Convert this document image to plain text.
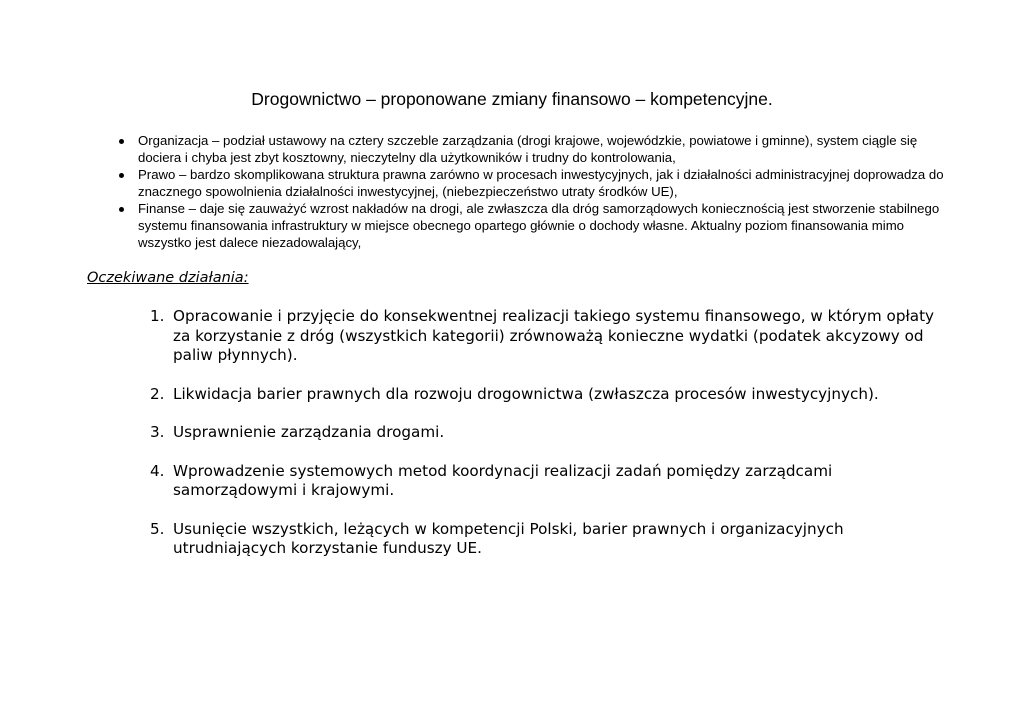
Drogownictwo – proponowane zmiany finansowo – kompetencyjne.
Organizacja – podział ustawowy na cztery szczeble zarządzania (drogi krajowe, wojewódzkie, powiatowe i gminne), system ciągle się dociera i chyba jest zbyt kosztowny, nieczytelny dla użytkowników i trudny do kontrolowania,
Prawo – bardzo skomplikowana struktura prawna zarówno w procesach inwestycyjnych, jak i działalności administracyjnej doprowadza do znacznego spowolnienia działalności inwestycyjnej, (niebezpieczeństwo utraty środków UE),
Finanse – daje się zauważyć wzrost nakładów na drogi, ale zwłaszcza dla dróg samorządowych koniecznością jest stworzenie stabilnego systemu finansowania infrastruktury w miejsce obecnego opartego głównie o dochody własne. Aktualny poziom finansowania mimo wszystko jest dalece niezadowalający,
Oczekiwane działania:
1. Opracowanie i przyjęcie do konsekwentnej realizacji takiego systemu finansowego, w którym opłaty za korzystanie z dróg (wszystkich kategorii) zrównoważą konieczne wydatki (podatek akcyzowy od paliw płynnych).
2. Likwidacja barier prawnych dla rozwoju drogownictwa (zwłaszcza procesów inwestycyjnych).
3. Usprawnienie zarządzania drogami.
4. Wprowadzenie systemowych metod koordynacji realizacji zadań pomiędzy zarządcami samorządowymi i krajowymi.
5. Usunięcie wszystkich, leżących w kompetencji Polski, barier prawnych i organizacyjnych utrudniających korzystanie funduszy UE.
